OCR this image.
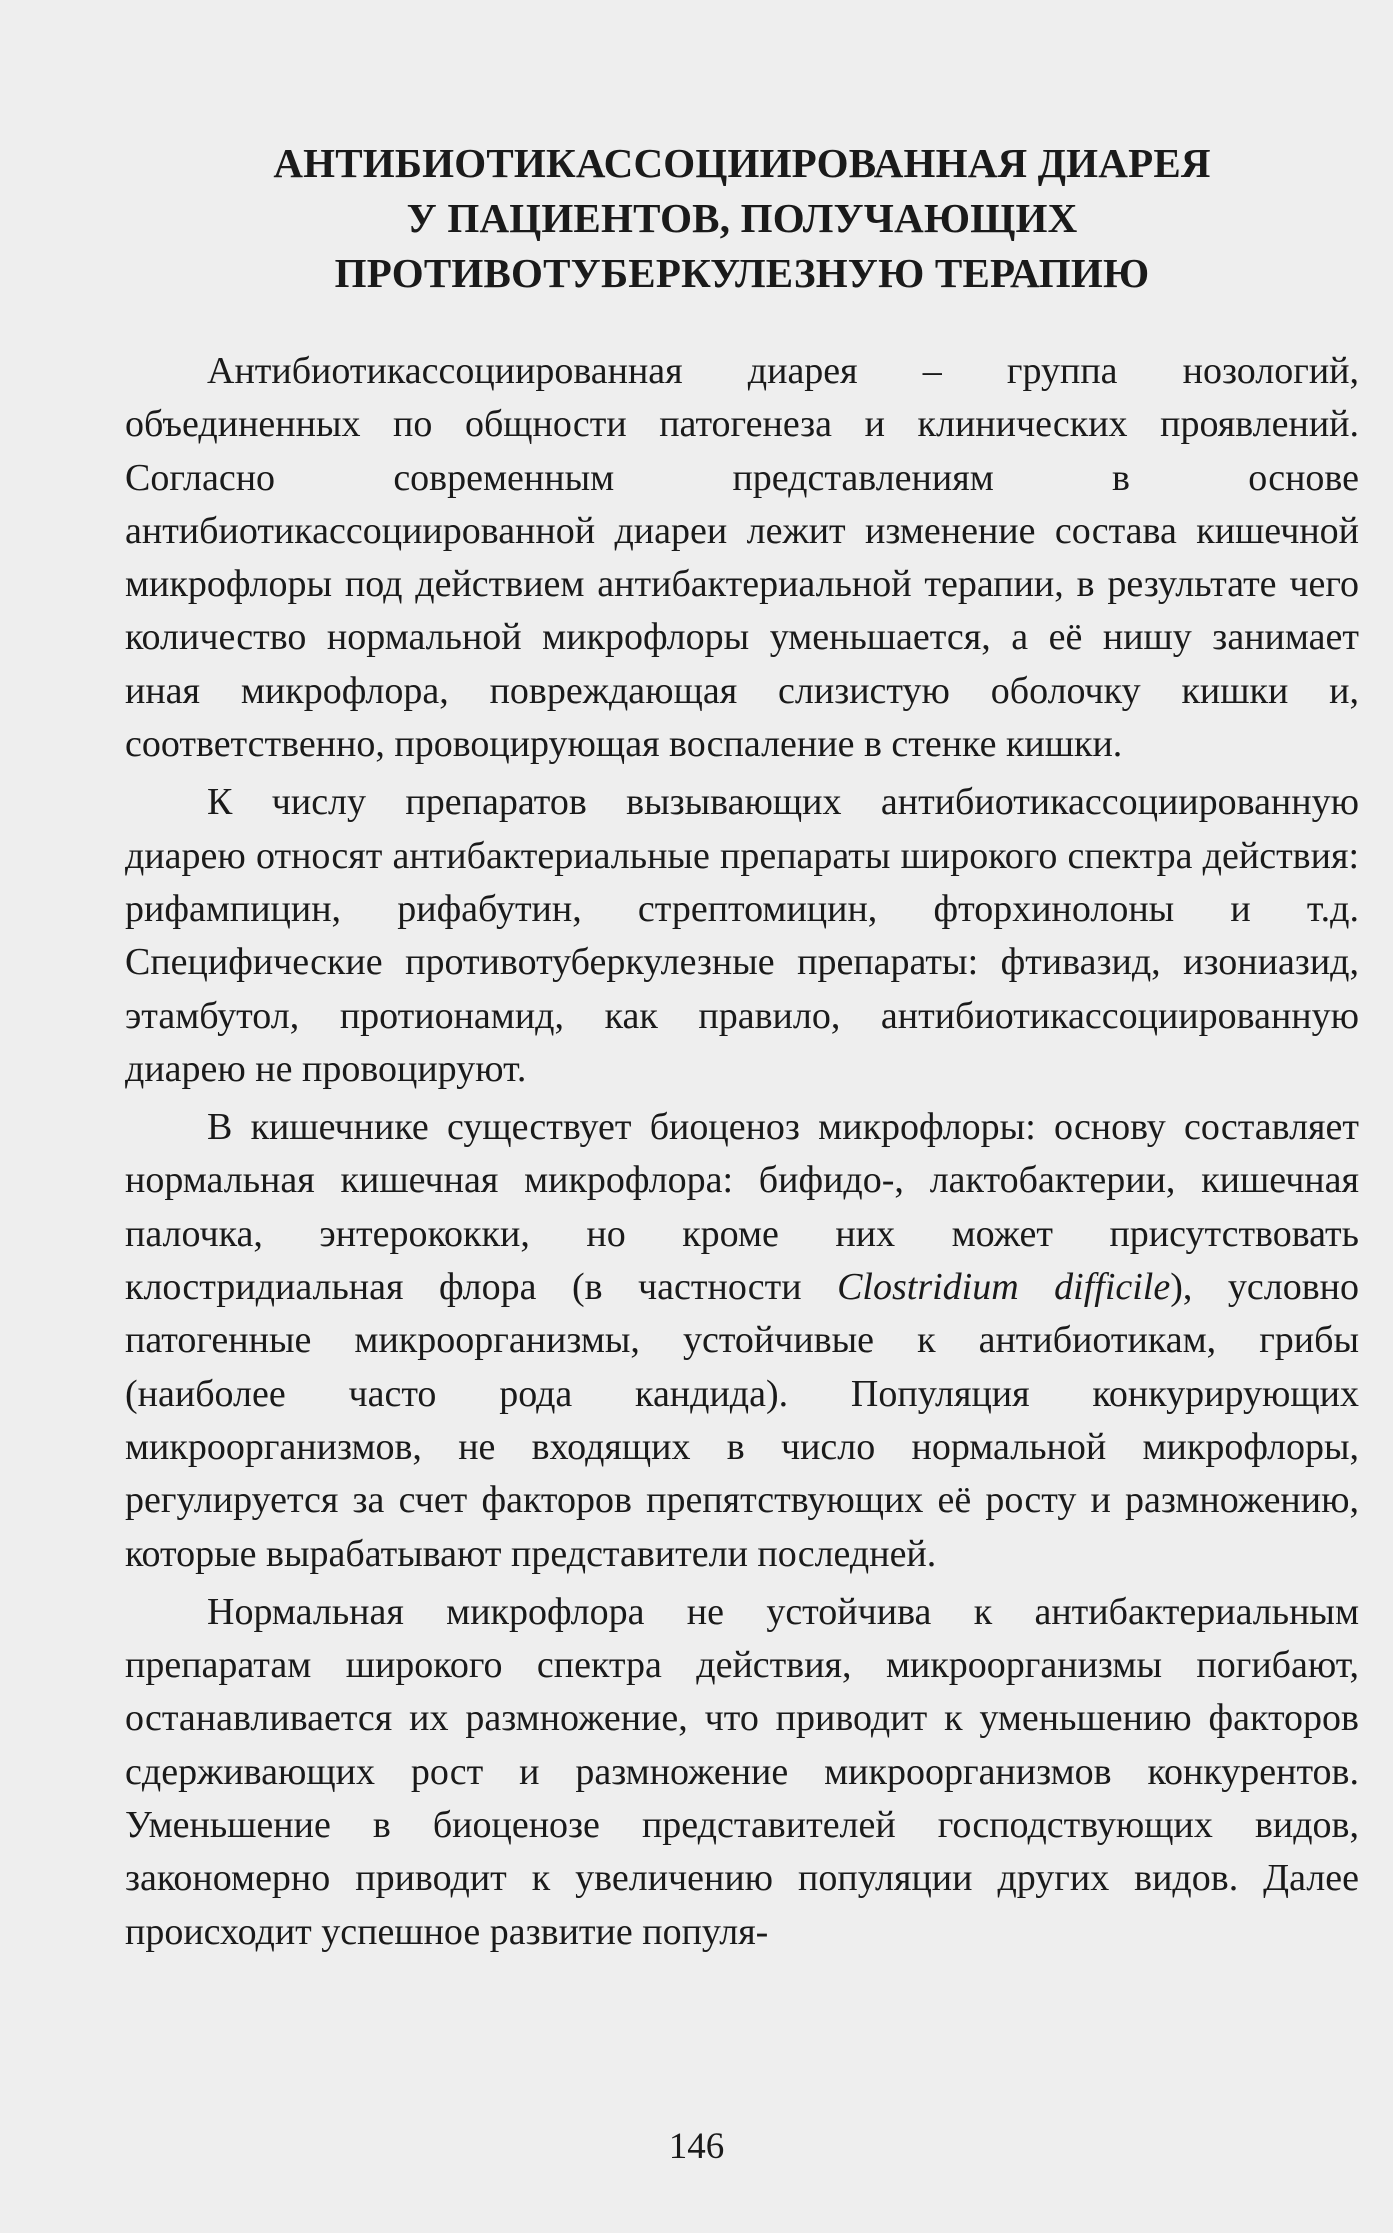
АНТИБИОТИКАССОЦИИРОВАННАЯ ДИАРЕЯ
У ПАЦИЕНТОВ, ПОЛУЧАЮЩИХ
ПРОТИВОТУБЕРКУЛЕЗНУЮ ТЕРАПИЮ

Антибиотикассоциированная диарея – группа нозологий, объединенных по общности патогенеза и клинических проявлений. Согласно современным представлениям в основе антибиотикассоциированной диареи лежит изменение состава кишечной микрофлоры под действием антибактериальной терапии, в результате чего количество нормальной микрофлоры уменьшается, а её нишу занимает иная микрофлора, повреждающая слизистую оболочку кишки и, соответственно, провоцирующая воспаление в стенке кишки.

К числу препаратов вызывающих антибиотикассоциированную диарею относят антибактериальные препараты широкого спектра действия: рифампицин, рифабутин, стрептомицин, фторхинолоны и т.д. Специфические противотуберкулезные препараты: фтивазид, изониазид, этамбутол, протионамид, как правило, антибиотикассоциированную диарею не провоцируют.

В кишечнике существует биоценоз микрофлоры: основу составляет нормальная кишечная микрофлора: бифидо-, лактобактерии, кишечная палочка, энтерококки, но кроме них может присутствовать клостридиальная флора (в частности Clostridium difficile), условно патогенные микроорганизмы, устойчивые к антибиотикам, грибы (наиболее часто рода кандида). Популяция конкурирующих микроорганизмов, не входящих в число нормальной микрофлоры, регулируется за счет факторов препятствующих её росту и размножению, которые вырабатывают представители последней.

Нормальная микрофлора не устойчива к антибактериальным препаратам широкого спектра действия, микроорганизмы погибают, останавливается их размножение, что приводит к уменьшению факторов сдерживающих рост и размножение микроорганизмов конкурентов. Уменьшение в биоценозе представителей господствующих видов, закономерно приводит к увеличению популяции других видов. Далее происходит успешное развитие популя-

146
